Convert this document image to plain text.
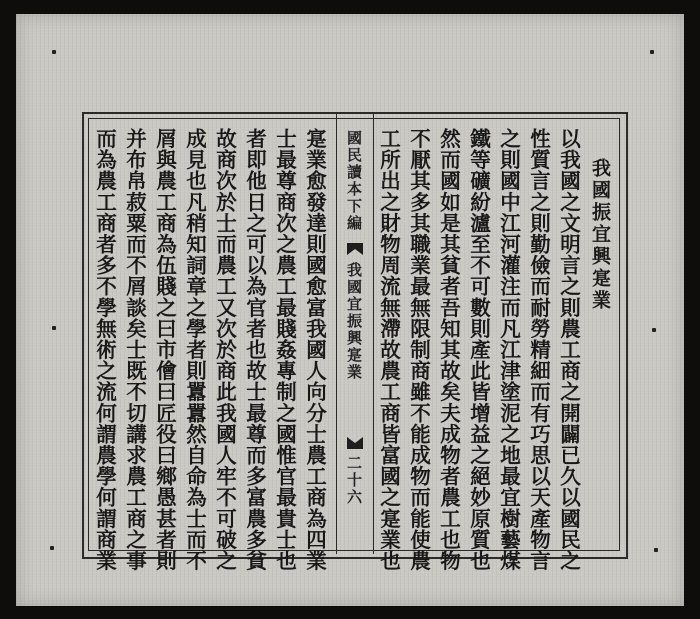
我國振宜興寔業
以我國之文明言之則農工商之開闢已久以國民之
性質言之則勤儉而耐勞精細而有巧思以天產物言
之則國中江河灌注而凡江津塗泥之地最宜樹藝煤
鐵等礦紛瀘至不可數則產此皆增益之絕妙原質也
然而國如是其貧者吾知其故矣夫成物者農工也物
不厭其多其職業最無限制商雖不能成物而能使農
工所出之財物周流無滯故農工商皆富國之寔業也
國民讀本下編
我國宜振興寔業
二十六
寔業愈發達則國愈富我國人向分士農工商為四業
士最尊商次之農工最賤姦專制之國惟官最貴士也
者即他日之可以為官者也故士最尊而多富農多貧
故商次於士而農工又次於商此我國人牢不可破之
成見也凡稍知詞章之學者則囂囂然自命為士而不
屑與農工商為伍賤之曰市儈曰匠役曰鄉愚甚者則
并布帛菽粟而不屑談矣士既不切講求農工商之事
而為農工商者多不學無術之流何謂農學何謂商業
